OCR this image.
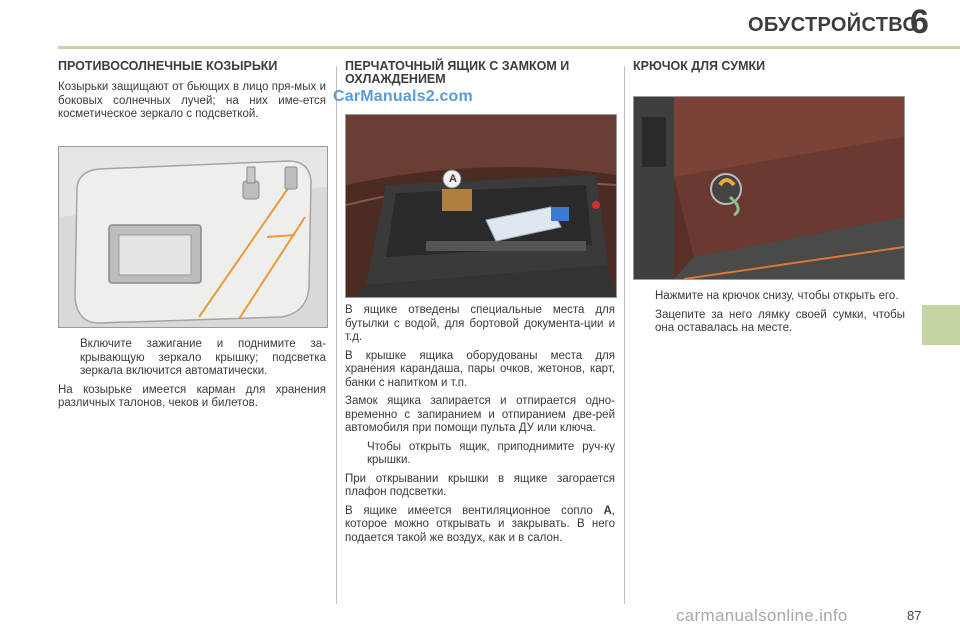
ОБУСТРОЙСТВО
6
ПРОТИВОСОЛНЕЧНЫЕ КОЗЫРЬКИ
Козырьки защищают от бьющих в лицо пря-мых и боковых солнечных лучей; на них име-ется косметическое зеркало с подсветкой.
Включите зажигание и поднимите за-крывающую зеркало крышку; подсветка зеркала включится автоматически.
На козырьке имеется карман для хранения различных талонов, чеков и билетов.
CarManuals2.com
ПЕРЧАТОЧНЫЙ ЯЩИК С ЗАМКОМ И ОХЛАЖДЕНИЕМ
A
В ящике отведены специальные места для бутылки с водой, для бортовой документа-ции и т.д.
В крышке ящика оборудованы места для хранения карандаша, пары очков, жетонов, карт, банки с напитком и т.п.
Замок ящика запирается и отпирается одно-временно с запиранием и отпиранием две-рей автомобиля при помощи пульта ДУ или ключа.
Чтобы открыть ящик, приподнимите руч-ку крышки.
При открывании крышки в ящике загорается плафон подсветки.
В ящике имеется вентиляционное сопло A, которое можно открывать и закрывать. В него подается такой же воздух, как и в салон.
КРЮЧОК ДЛЯ СУМКИ
Нажмите на крючок снизу, чтобы открыть его.
Зацепите за него лямку своей сумки, чтобы она оставалась на месте.
carmanualsonline.info	87
